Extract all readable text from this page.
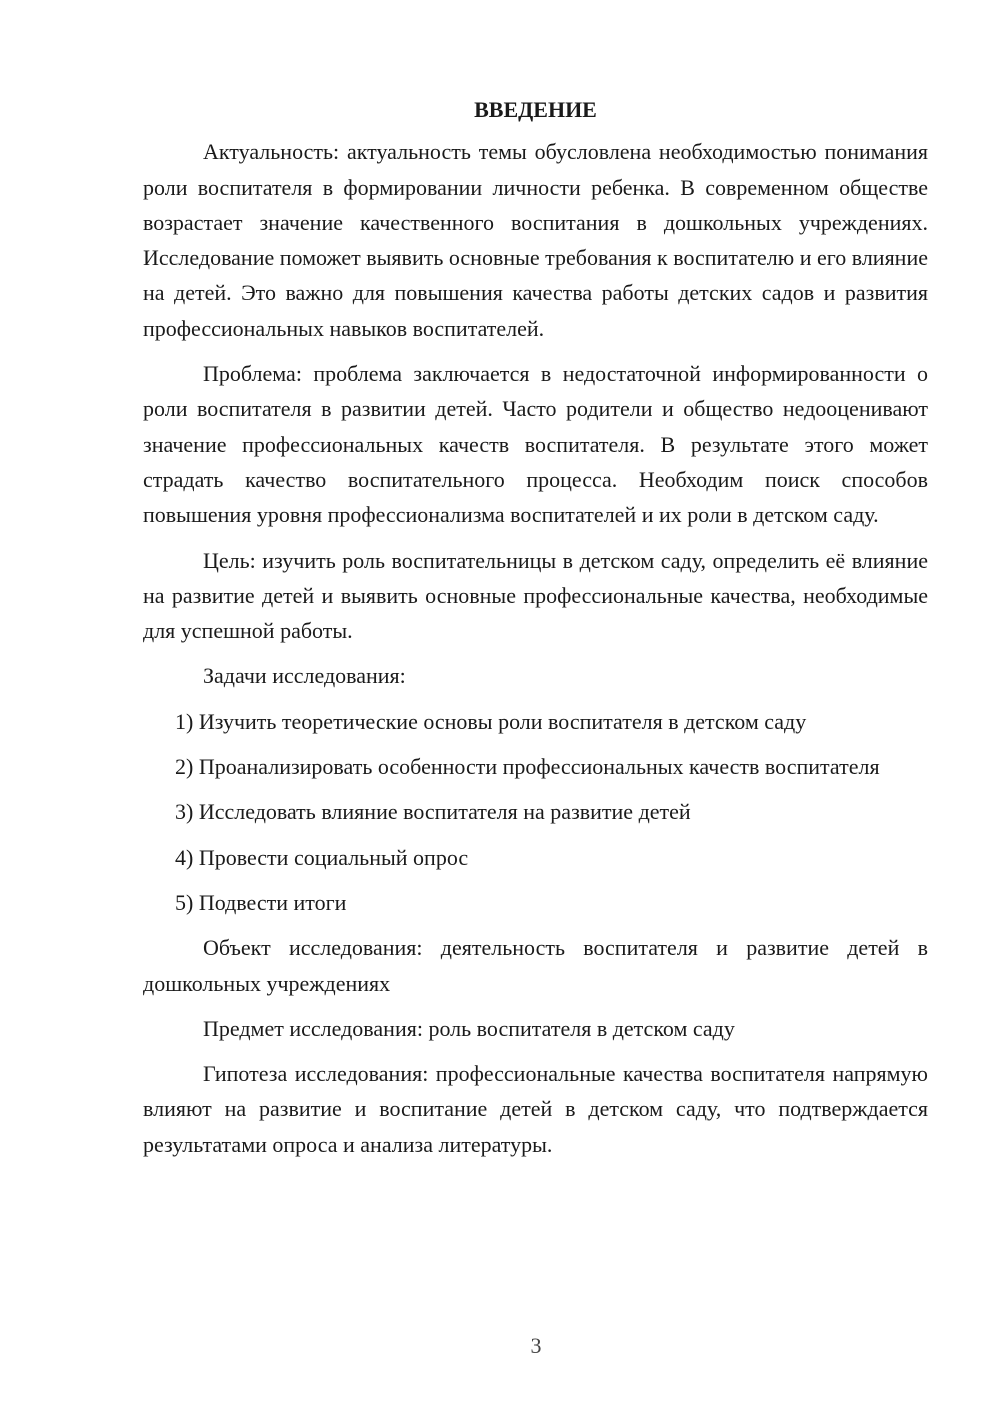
ВВЕДЕНИЕ

Актуальность: актуальность темы обусловлена необходимостью понимания роли воспитателя в формировании личности ребенка. В современном обществе возрастает значение качественного воспитания в дошкольных учреждениях. Исследование поможет выявить основные требования к воспитателю и его влияние на детей. Это важно для повышения качества работы детских садов и развития профессиональных навыков воспитателей.

Проблема: проблема заключается в недостаточной информированности о роли воспитателя в развитии детей. Часто родители и общество недооценивают значение профессиональных качеств воспитателя. В результате этого может страдать качество воспитательного процесса. Необходим поиск способов повышения уровня профессионализма воспитателей и их роли в детском саду.

Цель: изучить роль воспитательницы в детском саду, определить её влияние на развитие детей и выявить основные профессиональные качества, необходимые для успешной работы.

Задачи исследования:

1) Изучить теоретические основы роли воспитателя в детском саду

2) Проанализировать особенности профессиональных качеств воспитателя

3) Исследовать влияние воспитателя на развитие детей

4) Провести социальный опрос

5) Подвести итоги

Объект исследования: деятельность воспитателя и развитие детей в дошкольных учреждениях

Предмет исследования: роль воспитателя в детском саду

Гипотеза исследования: профессиональные качества воспитателя напрямую влияют на развитие и воспитание детей в детском саду, что подтверждается результатами опроса и анализа литературы.

3
